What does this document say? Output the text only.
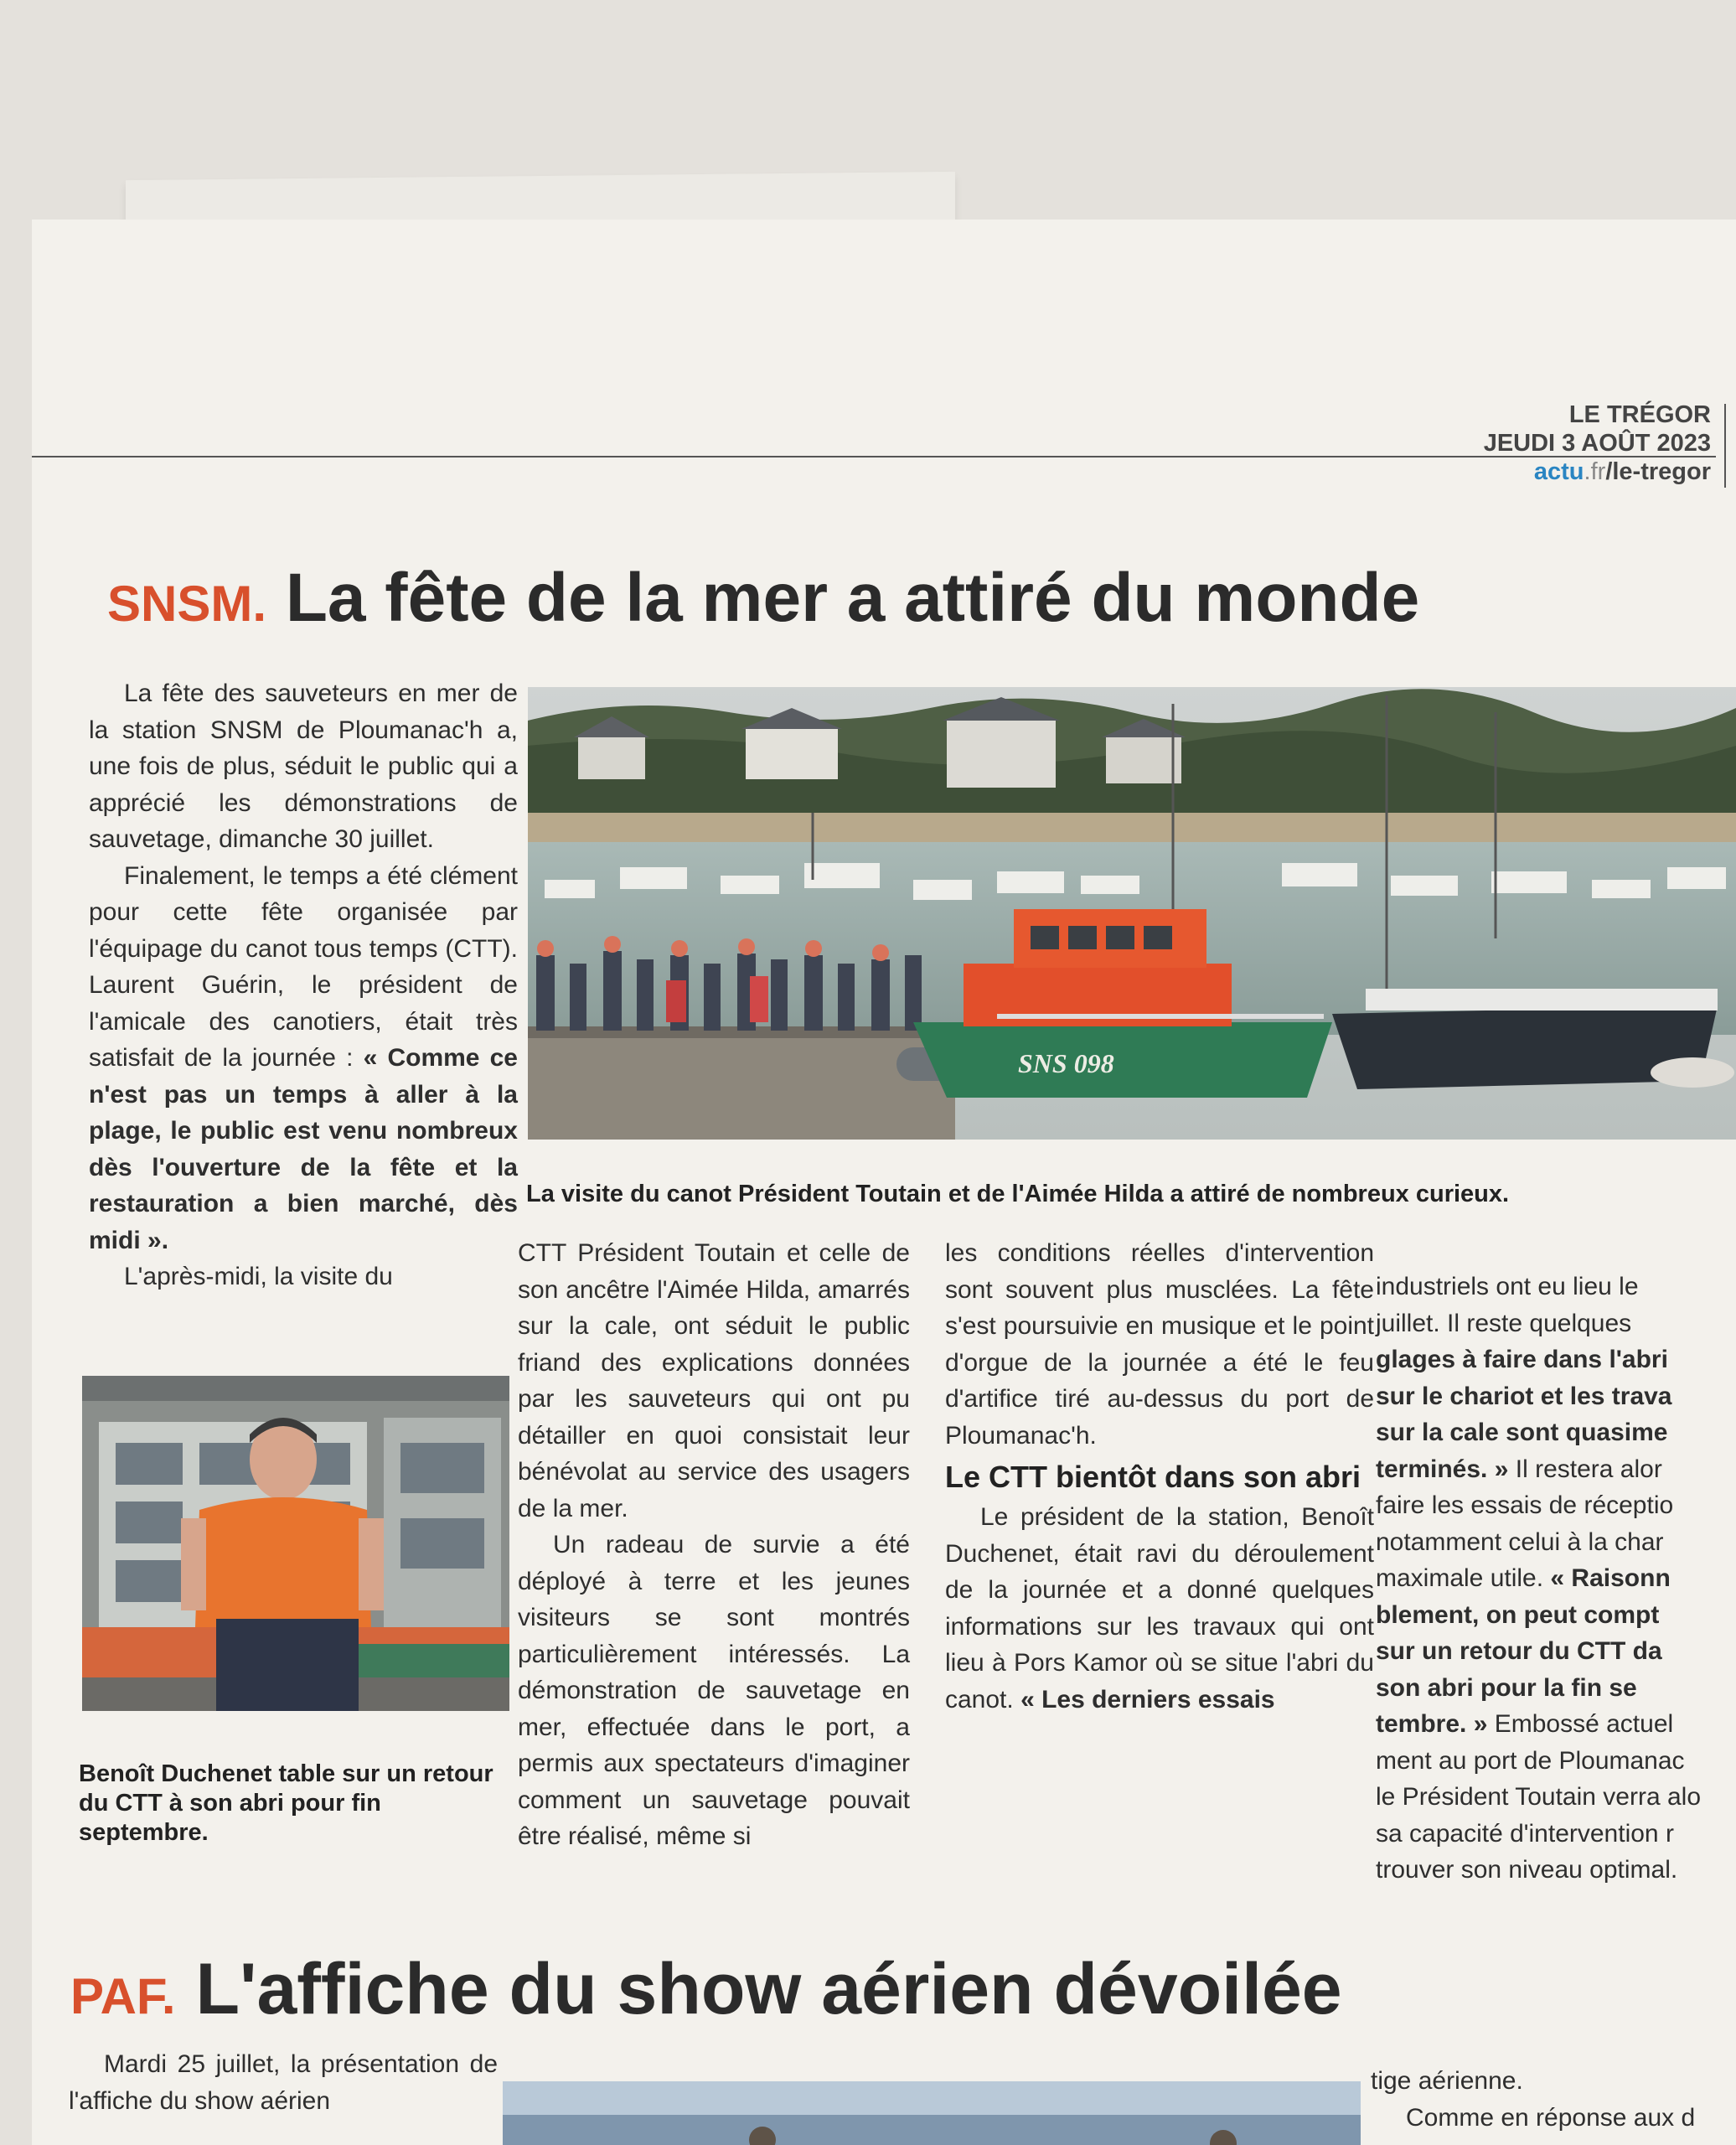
LE TRÉGOR
JEUDI 3 AOÛT 2023
actu.fr/le-tregor
SNSM. La fête de la mer a attiré du monde

La fête des sauveteurs en mer de la station SNSM de Ploumanac'h a, une fois de plus, séduit le public qui a apprécié les démonstrations de sauvetage, dimanche 30 juillet.

Finalement, le temps a été clément pour cette fête organisée par l'équipage du canot tous temps (CTT). Laurent Guérin, le président de l'amicale des canotiers, était très satisfait de la journée : « Comme ce n'est pas un temps à aller à la plage, le public est venu nombreux dès l'ouverture de la fête et la restauration a bien marché, dès midi ».

L'après-midi, la visite du

SNS 098
La visite du canot Président Toutain et de l'Aimée Hilda a attiré de nombreux curieux.
Benoît Duchenet table sur un retour du CTT à son abri pour fin septembre.

CTT Président Toutain et celle de son ancêtre l'Aimée Hilda, amarrés sur la cale, ont séduit le public friand des explications données par les sauveteurs qui ont pu détailler en quoi consistait leur bénévolat au service des usagers de la mer.

Un radeau de survie a été déployé à terre et les jeunes visiteurs se sont montrés particulièrement intéressés. La démonstration de sauvetage en mer, effectuée dans le port, a permis aux spectateurs d'imaginer comment un sauvetage pouvait être réalisé, même si

les conditions réelles d'intervention sont souvent plus musclées. La fête s'est poursuivie en musique et le point d'orgue de la journée a été le feu d'artifice tiré au-dessus du port de Ploumanac'h.

Le CTT bientôt dans son abri

Le président de la station, Benoît Duchenet, était ravi du déroulement de la journée et a donné quelques informations sur les travaux qui ont lieu à Pors Kamor où se situe l'abri du canot. « Les derniers essais

industriels ont eu lieu le
juillet. Il reste quelques
glages à faire dans l'abri
sur le chariot et les trava
sur la cale sont quasime
terminés. » Il restera alor
faire les essais de réceptio
notamment celui à la char
maximale utile. « Raisonn
blement, on peut compt
sur un retour du CTT da
son abri pour la fin se
tembre. » Embossé actuel
ment au port de Ploumanac
le Président Toutain verra alo
sa capacité d'intervention r
trouver son niveau optimal.
PAF. L'affiche du show aérien dévoilée

Mardi 25 juillet, la présentation de l'affiche du show aérien

tige aérienne.
Comme en réponse aux d
